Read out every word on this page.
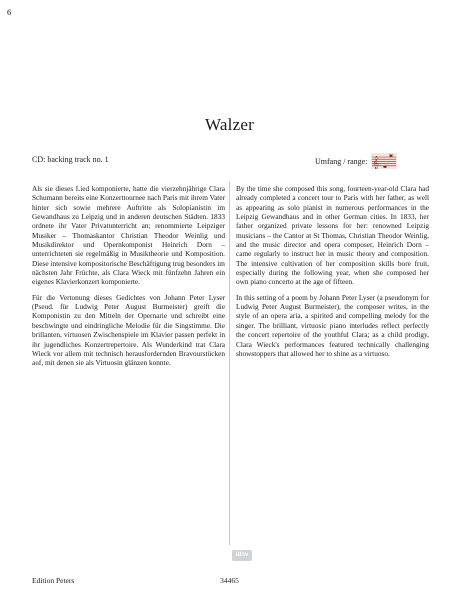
6
Walzer
CD: backing track no. 1	Umfang / range: 𝄞

Als sie dieses Lied komponierte, hatte die vierzehnjährige Clara Schumann bereits eine Konzerttournee nach Paris mit ihrem Vater hinter sich sowie mehrere Auftritte als Solopianistin im Gewandhaus zu Leipzig und in anderen deutschen Städten. 1833 ordnete ihr Vater Privatunterricht an; renommierte Leipziger Musiker – Thomaskantor Christian Theodor Weinlig und Musikdirektor und Opernkomponist Heinrich Dorn – unterrichteten sie regelmäßig in Musiktheorie und Komposition. Diese intensive kompositorische Beschäftigung trug besonders im nächsten Jahr Früchte, als Clara Wieck mit fünfzehn Jahren ein eigenes Klavierkonzert komponierte.

Für die Vertonung dieses Gedichtes von Johann Peter Lyser (Pseud. für Ludwig Peter August Burmeister) greift die Komponistin zu den Mitteln der Opernarie und schreibt eine beschwingte und eindringliche Melodie für die Singstimme. Die brillanten, virtuosen Zwischenspiele im Klavier passen perfekt in ihr jugendliches Konzertrepertoire. Als Wunderkind trat Clara Wieck vor allem mit technisch herausfordernden Bravourstücken auf, mit denen sie als Virtuosin glänzen konnte.

By the time she composed this song, fourteen-year-old Clara had already completed a concert tour to Paris with her father, as well as appearing as solo pianist in numerous performances in the Leipzig Gewandhaus and in other German cities. In 1833, her father organized private lessons for her: renowned Leipzig musicians – the Cantor at St Thomas, Christian Theodor Weinlig, and the music director and opera composer, Heinrich Dorn – came regularly to instruct her in music theory and composition. The intensive cultivation of her composition skills bore fruit, especially during the following year, when she composed her own piano concerto at the age of fifteen.

In this setting of a poem by Johann Peter Lyser (a pseudonym for Ludwig Peter August Burmeister), the composer writes, in the style of an opera aria, a spirited and compelling melody for the singer. The brilliant, virtuosic piano interludes reflect perfectly the concert repertoire of the youthful Clara; as a child prodigy, Clara Wieck's performances featured technically challenging showstoppers that allowed her to shine as a virtuoso.

idnv
Edition Peters	34465
